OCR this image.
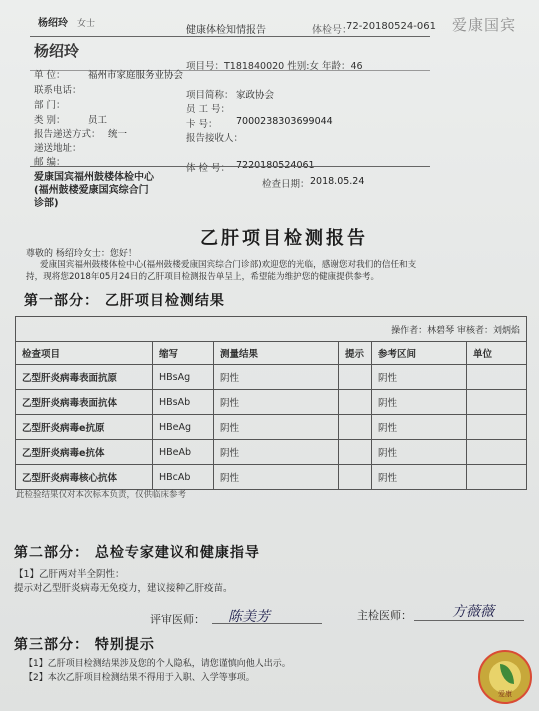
杨绍玲 女士
健康体检知情报告	体检号：
72-20180524-061 爱康国宾
杨绍玲
项目号：T181840020 性别:女 年龄：46
单 位： 福州市家庭服务业协会
联系电话：
部 门：
项目简称： 家政协会
员 工 号：
类 别： 员工	卡 号： 7000238303699044
报告递送方式： 统一	报告接收人：
递送地址：
邮 编：
体 检 号： 7220180524061
爱康国宾福州鼓楼体检中心
(福州鼓楼爱康国宾综合门
诊部)
检查日期： 2018.05.24
乙肝项目检测报告
尊敬的 杨绍玲女士：您好！
爱康国宾福州鼓楼体检中心(福州鼓楼爱康国宾综合门诊部)欢迎您的光临，感谢您对我们的信任和支
持，现将您2018年05月24日的乙肝项目检测报告单呈上，希望能为维护您的健康提供参考。
第一部分： 乙肝项目检测结果
操作者：林碧琴 审核者：刘炳焰					
检查项目	缩写	测量结果	提示	参考区间	单位
乙型肝炎病毒表面抗原	HBsAg	阴性		阴性	
乙型肝炎病毒表面抗体	HBsAb	阴性		阴性	
乙型肝炎病毒e抗原	HBeAg	阴性		阴性	
乙型肝炎病毒e抗体	HBeAb	阴性		阴性	
乙型肝炎病毒核心抗体	HBcAb	阴性		阴性	
此检验结果仅对本次标本负责，仅供临床参考
第二部分： 总检专家建议和健康指导
【1】乙肝两对半全阴性：
提示对乙型肝炎病毒无免疫力，建议接种乙肝疫苗。
评审医师： 陈美芳	主检医师：	方薇薇
第三部分： 特别提示
【1】乙肝项目检测结果涉及您的个人隐私，请您谨慎向他人出示。
【2】本次乙肝项目检测结果不得用于入职、入学等事项。
爱康
